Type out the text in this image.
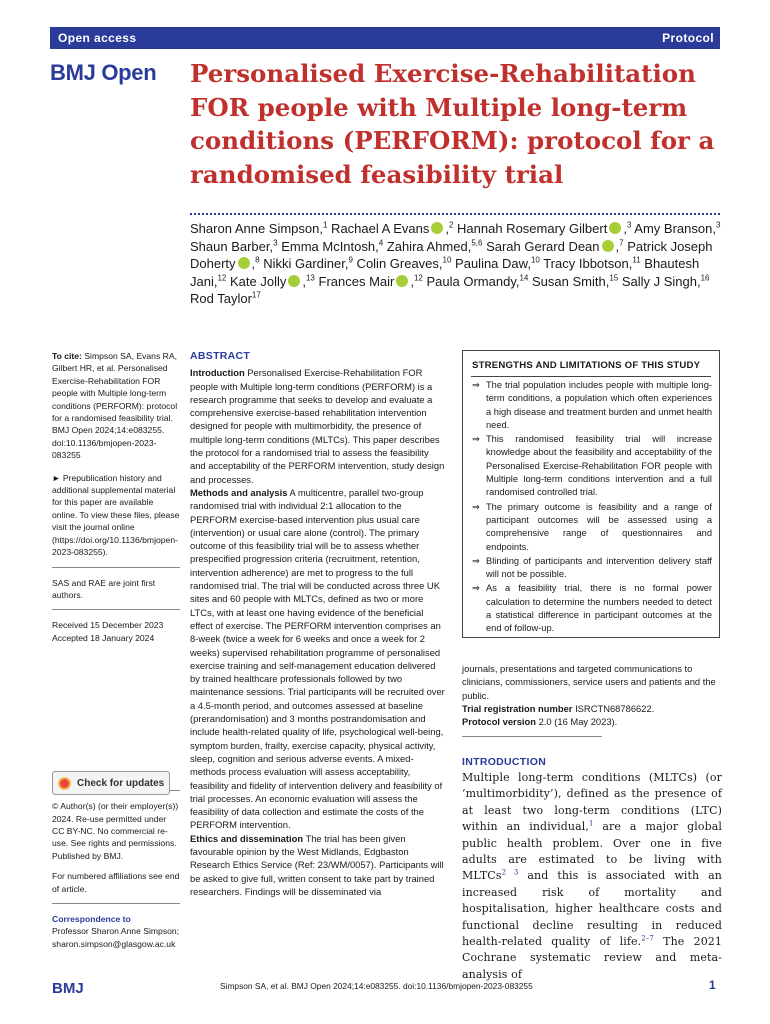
Open access	Protocol
BMJ Open Personalised Exercise-Rehabilitation FOR people with Multiple long-term conditions (PERFORM): protocol for a randomised feasibility trial
Sharon Anne Simpson,$^1$ Rachael A Evans ,$^2$ Hannah Rosemary Gilbert ,$^3$ Amy Branson,$^3$ Shaun Barber,$^3$ Emma McIntosh,$^4$ Zahira Ahmed,$^{5,6}$ Sarah Gerard Dean ,$^7$ Patrick Joseph Doherty ,$^8$ Nikki Gardiner,$^9$ Colin Greaves,$^{10}$ Paulina Daw,$^{10}$ Tracy Ibbotson,$^{11}$ Bhautesh Jani,$^{12}$ Kate Jolly ,$^{13}$ Frances Mair ,$^{12}$ Paula Ormandy,$^{14}$ Susan Smith,$^{15}$ Sally J Singh,$^{16}$ Rod Taylor$^{17}$
To cite: Simpson SA, Evans RA, Gilbert HR, et al. Personalised Exercise-Rehabilitation FOR people with Multiple long-term conditions (PERFORM): protocol for a randomised feasibility trial. BMJ Open 2024;14:e083255. doi:10.1136/bmjopen-2023-083255
► Prepublication history and additional supplemental material for this paper are available online. To view these files, please visit the journal online (https://doi.org/10.1136/bmjopen-2023-083255).
SAS and RAE are joint first authors.
Received 15 December 2023
Accepted 18 January 2024
© Author(s) (or their employer(s)) 2024. Re-use permitted under CC BY-NC. No commercial re-use. See rights and permissions. Published by BMJ.
For numbered affiliations see end of article.
Correspondence to
Professor Sharon Anne Simpson;
sharon.simpson@glasgow.ac.uk
Check for updates
ABSTRACT

Introduction Personalised Exercise-Rehabilitation FOR people with Multiple long-term conditions (PERFORM) is a research programme that seeks to develop and evaluate a comprehensive exercise-based rehabilitation intervention designed for people with multimorbidity, the presence of multiple long-term conditions (MLTCs). This paper describes the protocol for a randomised trial to assess the feasibility and acceptability of the PERFORM intervention, study design and processes.

Methods and analysis A multicentre, parallel two-group randomised trial with individual 2:1 allocation to the PERFORM exercise-based intervention plus usual care (intervention) or usual care alone (control). The primary outcome of this feasibility trial will be to assess whether prespecified progression criteria (recruitment, retention, intervention adherence) are met to progress to the full randomised trial. The trial will be conducted across three UK sites and 60 people with MLTCs, defined as two or more LTCs, with at least one having evidence of the beneficial effect of exercise. The PERFORM intervention comprises an 8-week (twice a week for 6 weeks and once a week for 2 weeks) supervised rehabilitation programme of personalised exercise training and self-management education delivered by trained healthcare professionals followed by two maintenance sessions. Trial participants will be recruited over a 4.5-month period, and outcomes assessed at baseline (prerandomisation) and 3 months postrandomisation and include health-related quality of life, psychological well-being, symptom burden, frailty, exercise capacity, physical activity, sleep, cognition and serious adverse events. A mixed-methods process evaluation will assess acceptability, feasibility and fidelity of intervention delivery and feasibility of trial processes. An economic evaluation will assess the feasibility of data collection and estimate the costs of the PERFORM intervention.

Ethics and dissemination The trial has been given favourable opinion by the West Midlands, Edgbaston Research Ethics Service (Ref: 23/WM/0057). Participants will be asked to give full, written consent to take part by trained researchers. Findings will be disseminated via

STRENGTHS AND LIMITATIONS OF THIS STUDY
⇒ The trial population includes people with multiple long-term conditions, a population which often experiences a high disease and treatment burden and unmet health need.
⇒ This randomised feasibility trial will increase knowledge about the feasibility and acceptability of the Personalised Exercise-Rehabilitation FOR people with Multiple long-term conditions intervention and a full randomised controlled trial.
⇒ The primary outcome is feasibility and a range of participant outcomes will be assessed using a comprehensive range of questionnaires and endpoints.
⇒ Blinding of participants and intervention delivery staff will not be possible.
⇒ As a feasibility trial, there is no formal power calculation to determine the numbers needed to detect a statistical difference in participant outcomes at the end of follow-up.
journals, presentations and targeted communications to clinicians, commissioners, service users and patients and the public.
Trial registration number ISRCTN68786622.
Protocol version 2.0 (16 May 2023).
INTRODUCTION
Multiple long-term conditions (MLTCs) (or ‘multimorbidity’), defined as the presence of at least two long-term conditions (LTC) within an individual,$^1$ are a major global public health problem. Over one in five adults are estimated to be living with MLTCs$^{2 3}$ and this is associated with an increased risk of mortality and hospitalisation, higher healthcare costs and functional decline resulting in reduced health-related quality of life.$^{2-7}$ The 2021 Cochrane systematic review and meta-analysis of
BMJ	Simpson SA, et al. BMJ Open 2024;14:e083255. doi:10.1136/bmjopen-2023-083255	1
